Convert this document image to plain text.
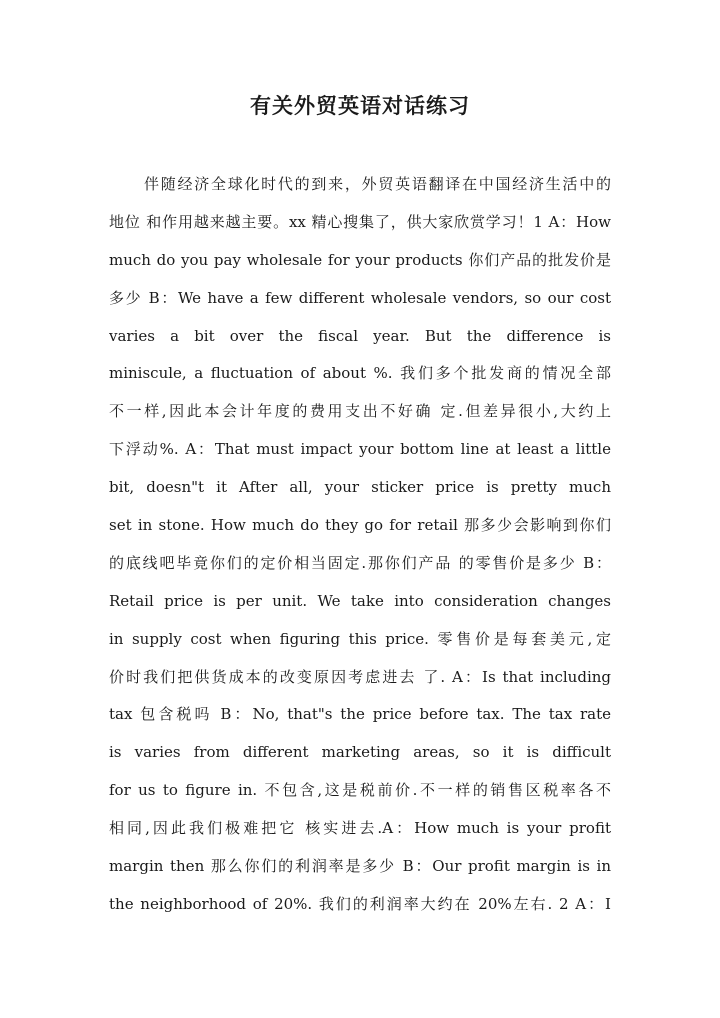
有关外贸英语对话练习
伴随经济全球化时代的到来，外贸英语翻译在中国经济生活中的
地位 和作用越来越主要。xx 精心搜集了，供大家欣赏学习！1 A：How
much do you pay wholesale for your products 你们产品的批发价是
多少 B：We have a few different wholesale vendors, so our cost
varies a bit over the fiscal year. But the difference is
miniscule, a fluctuation of about %. 我们多个批发商的情况全部
不一样,因此本会计年度的费用支出不好确 定.但差异很小,大约上
下浮动%. A：That must impact your bottom line at least a little
bit, doesn"t it After all, your sticker price is pretty much
set in stone. How much do they go for retail 那多少会影响到你们
的底线吧毕竟你们的定价相当固定.那你们产品 的零售价是多少 B：
Retail price is per unit. We take into consideration changes
in supply cost when figuring this price. 零售价是每套美元,定
价时我们把供货成本的改变原因考虑进去 了. A：Is that including
tax 包含税吗 B：No, that"s the price before tax. The tax rate
is varies from different marketing areas, so it is difficult
for us to figure in. 不包含,这是税前价.不一样的销售区税率各不
相同,因此我们极难把它 核实进去.A：How much is your profit
margin then 那么你们的利润率是多少 B：Our profit margin is in
the neighborhood of 20%. 我们的利润率大约在 20%左右. 2 A：I
